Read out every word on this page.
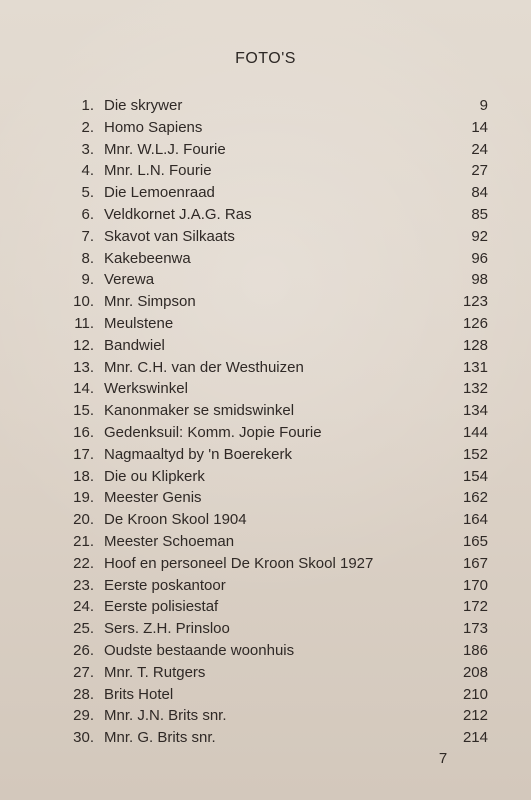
FOTO'S
1. Die skrywer	9
2. Homo Sapiens	14
3. Mnr. W.L.J. Fourie	24
4. Mnr. L.N. Fourie	27
5. Die Lemoenraad	84
6. Veldkornet J.A.G. Ras	85
7. Skavot van Silkaats	92
8. Kakebeenwa	96
9. Verewa	98
10. Mnr. Simpson	123
11. Meulstene	126
12. Bandwiel	128
13. Mnr. C.H. van der Westhuizen	131
14. Werkswinkel	132
15. Kanonmaker se smidswinkel	134
16. Gedenksuil: Komm. Jopie Fourie	144
17. Nagmaaltyd by 'n Boerekerk	152
18. Die ou Klipkerk	154
19. Meester Genis	162
20. De Kroon Skool 1904	164
21. Meester Schoeman	165
22. Hoof en personeel De Kroon Skool 1927	167
23. Eerste poskantoor	170
24. Eerste polisiestaf	172
25. Sers. Z.H. Prinsloo	173
26. Oudste bestaande woonhuis	186
27. Mnr. T. Rutgers	208
28. Brits Hotel	210
29. Mnr. J.N. Brits snr.	212
30. Mnr. G. Brits snr.	214
7
